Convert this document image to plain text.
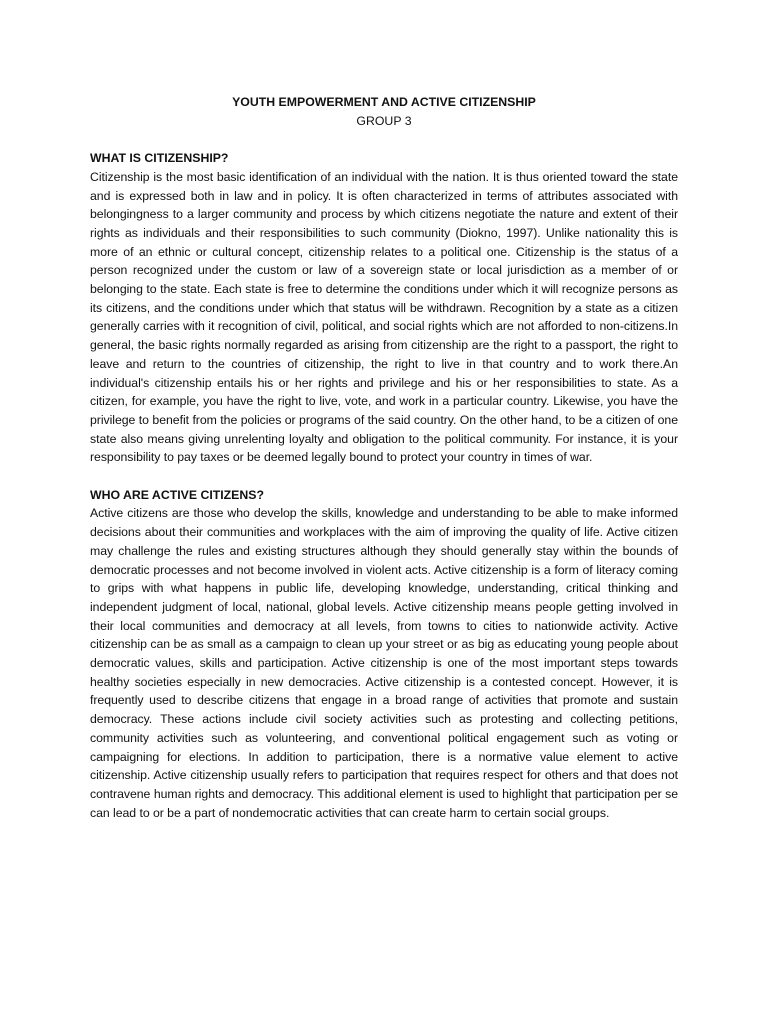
YOUTH EMPOWERMENT AND ACTIVE CITIZENSHIP

GROUP 3

WHAT IS CITIZENSHIP?

Citizenship is the most basic identification of an individual with the nation. It is thus oriented toward the state and is expressed both in law and in policy. It is often characterized in terms of attributes associated with belongingness to a larger community and process by which citizens negotiate the nature and extent of their rights as individuals and their responsibilities to such community (Diokno, 1997). Unlike nationality this is more of an ethnic or cultural concept, citizenship relates to a political one. Citizenship is the status of a person recognized under the custom or law of a sovereign state or local jurisdiction as a member of or belonging to the state. Each state is free to determine the conditions under which it will recognize persons as its citizens, and the conditions under which that status will be withdrawn. Recognition by a state as a citizen generally carries with it recognition of civil, political, and social rights which are not afforded to non-citizens.In general, the basic rights normally regarded as arising from citizenship are the right to a passport, the right to leave and return to the countries of citizenship, the right to live in that country and to work there.An individual's citizenship entails his or her rights and privilege and his or her responsibilities to state. As a citizen, for example, you have the right to live, vote, and work in a particular country. Likewise, you have the privilege to benefit from the policies or programs of the said country. On the other hand, to be a citizen of one state also means giving unrelenting loyalty and obligation to the political community. For instance, it is your responsibility to pay taxes or be deemed legally bound to protect your country in times of war.

WHO ARE ACTIVE CITIZENS?

Active citizens are those who develop the skills, knowledge and understanding to be able to make informed decisions about their communities and workplaces with the aim of improving the quality of life. Active citizen may challenge the rules and existing structures although they should generally stay within the bounds of democratic processes and not become involved in violent acts. Active citizenship is a form of literacy coming to grips with what happens in public life, developing knowledge, understanding, critical thinking and independent judgment of local, national, global levels. Active citizenship means people getting involved in their local communities and democracy at all levels, from towns to cities to nationwide activity. Active citizenship can be as small as a campaign to clean up your street or as big as educating young people about democratic values, skills and participation. Active citizenship is one of the most important steps towards healthy societies especially in new democracies. Active citizenship is a contested concept. However, it is frequently used to describe citizens that engage in a broad range of activities that promote and sustain democracy. These actions include civil society activities such as protesting and collecting petitions, community activities such as volunteering, and conventional political engagement such as voting or campaigning for elections. In addition to participation, there is a normative value element to active citizenship. Active citizenship usually refers to participation that requires respect for others and that does not contravene human rights and democracy. This additional element is used to highlight that participation per se can lead to or be a part of nondemocratic activities that can create harm to certain social groups.
